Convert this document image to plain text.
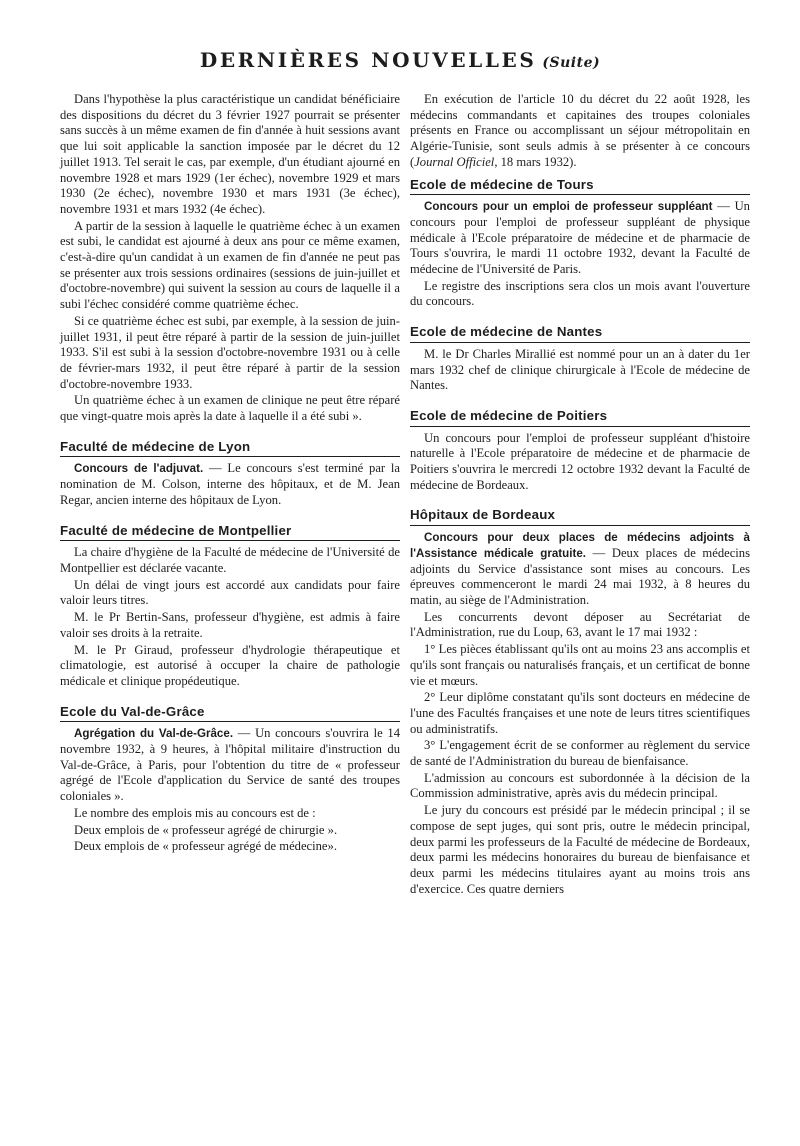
DERNIÈRES NOUVELLES (Suite)

Dans l'hypothèse la plus caractéristique un candidat bénéficiaire des dispositions du décret du 3 février 1927 pourrait se présenter sans succès à un même examen de fin d'année à huit sessions avant que lui soit applicable la sanction imposée par le décret du 12 juillet 1913. Tel serait le cas, par exemple, d'un étudiant ajourné en novembre 1928 et mars 1929 (1er échec), novembre 1929 et mars 1930 (2e échec), novembre 1930 et mars 1931 (3e échec), novembre 1931 et mars 1932 (4e échec).

A partir de la session à laquelle le quatrième échec à un examen est subi, le candidat est ajourné à deux ans pour ce même examen, c'est-à-dire qu'un candidat à un examen de fin d'année ne peut pas se présenter aux trois sessions ordinaires (sessions de juin-juillet et d'octobre-novembre) qui suivent la session au cours de laquelle il a subi l'échec considéré comme quatrième échec.

Si ce quatrième échec est subi, par exemple, à la session de juin-juillet 1931, il peut être réparé à partir de la session de juin-juillet 1933. S'il est subi à la session d'octobre-novembre 1931 ou à celle de février-mars 1932, il peut être réparé à partir de la session d'octobre-novembre 1933.

Un quatrième échec à un examen de clinique ne peut être réparé que vingt-quatre mois après la date à laquelle il a été subi ».

Faculté de médecine de Lyon

Concours de l'adjuvat. — Le concours s'est terminé par la nomination de M. Colson, interne des hôpitaux, et de M. Jean Regar, ancien interne des hôpitaux de Lyon.

Faculté de médecine de Montpellier

La chaire d'hygiène de la Faculté de médecine de l'Université de Montpellier est déclarée vacante.

Un délai de vingt jours est accordé aux candidats pour faire valoir leurs titres.

M. le Pr Bertin-Sans, professeur d'hygiène, est admis à faire valoir ses droits à la retraite.

M. le Pr Giraud, professeur d'hydrologie thérapeutique et climatologie, est autorisé à occuper la chaire de pathologie médicale et clinique propédeutique.

Ecole du Val-de-Grâce

Agrégation du Val-de-Grâce. — Un concours s'ouvrira le 14 novembre 1932, à 9 heures, à l'hôpital militaire d'instruction du Val-de-Grâce, à Paris, pour l'obtention du titre de « professeur agrégé de l'Ecole d'application du Service de santé des troupes coloniales ».

Le nombre des emplois mis au concours est de :

Deux emplois de « professeur agrégé de chirurgie ».

Deux emplois de « professeur agrégé de médecine».

En exécution de l'article 10 du décret du 22 août 1928, les médecins commandants et capitaines des troupes coloniales présents en France ou accomplissant un séjour métropolitain en Algérie-Tunisie, sont seuls admis à se présenter à ce concours (Journal Officiel, 18 mars 1932).

Ecole de médecine de Tours

Concours pour un emploi de professeur suppléant — Un concours pour l'emploi de professeur suppléant de physique médicale à l'Ecole préparatoire de médecine et de pharmacie de Tours s'ouvrira, le mardi 11 octobre 1932, devant la Faculté de médecine de l'Université de Paris.

Le registre des inscriptions sera clos un mois avant l'ouverture du concours.

Ecole de médecine de Nantes

M. le Dr Charles Mirallié est nommé pour un an à dater du 1er mars 1932 chef de clinique chirurgicale à l'Ecole de médecine de Nantes.

Ecole de médecine de Poitiers

Un concours pour l'emploi de professeur suppléant d'histoire naturelle à l'Ecole préparatoire de médecine et de pharmacie de Poitiers s'ouvrira le mercredi 12 octobre 1932 devant la Faculté de médecine de Bordeaux.

Hôpitaux de Bordeaux

Concours pour deux places de médecins adjoints à l'Assistance médicale gratuite. — Deux places de médecins adjoints du Service d'assistance sont mises au concours. Les épreuves commenceront le mardi 24 mai 1932, à 8 heures du matin, au siège de l'Administration.

Les concurrents devont déposer au Secrétariat de l'Administration, rue du Loup, 63, avant le 17 mai 1932 :

1° Les pièces établissant qu'ils ont au moins 23 ans accomplis et qu'ils sont français ou naturalisés français, et un certificat de bonne vie et mœurs.

2° Leur diplôme constatant qu'ils sont docteurs en médecine de l'une des Facultés françaises et une note de leurs titres scientifiques ou administratifs.

3° L'engagement écrit de se conformer au règlement du service de santé de l'Administration du bureau de bienfaisance.

L'admission au concours est subordonnée à la décision de la Commission administrative, après avis du médecin principal.

Le jury du concours est présidé par le médecin principal ; il se compose de sept juges, qui sont pris, outre le médecin principal, deux parmi les professeurs de la Faculté de médecine de Bordeaux, deux parmi les médecins honoraires du bureau de bienfaisance et deux parmi les médecins titulaires ayant au moins trois ans d'exercice. Ces quatre derniers
